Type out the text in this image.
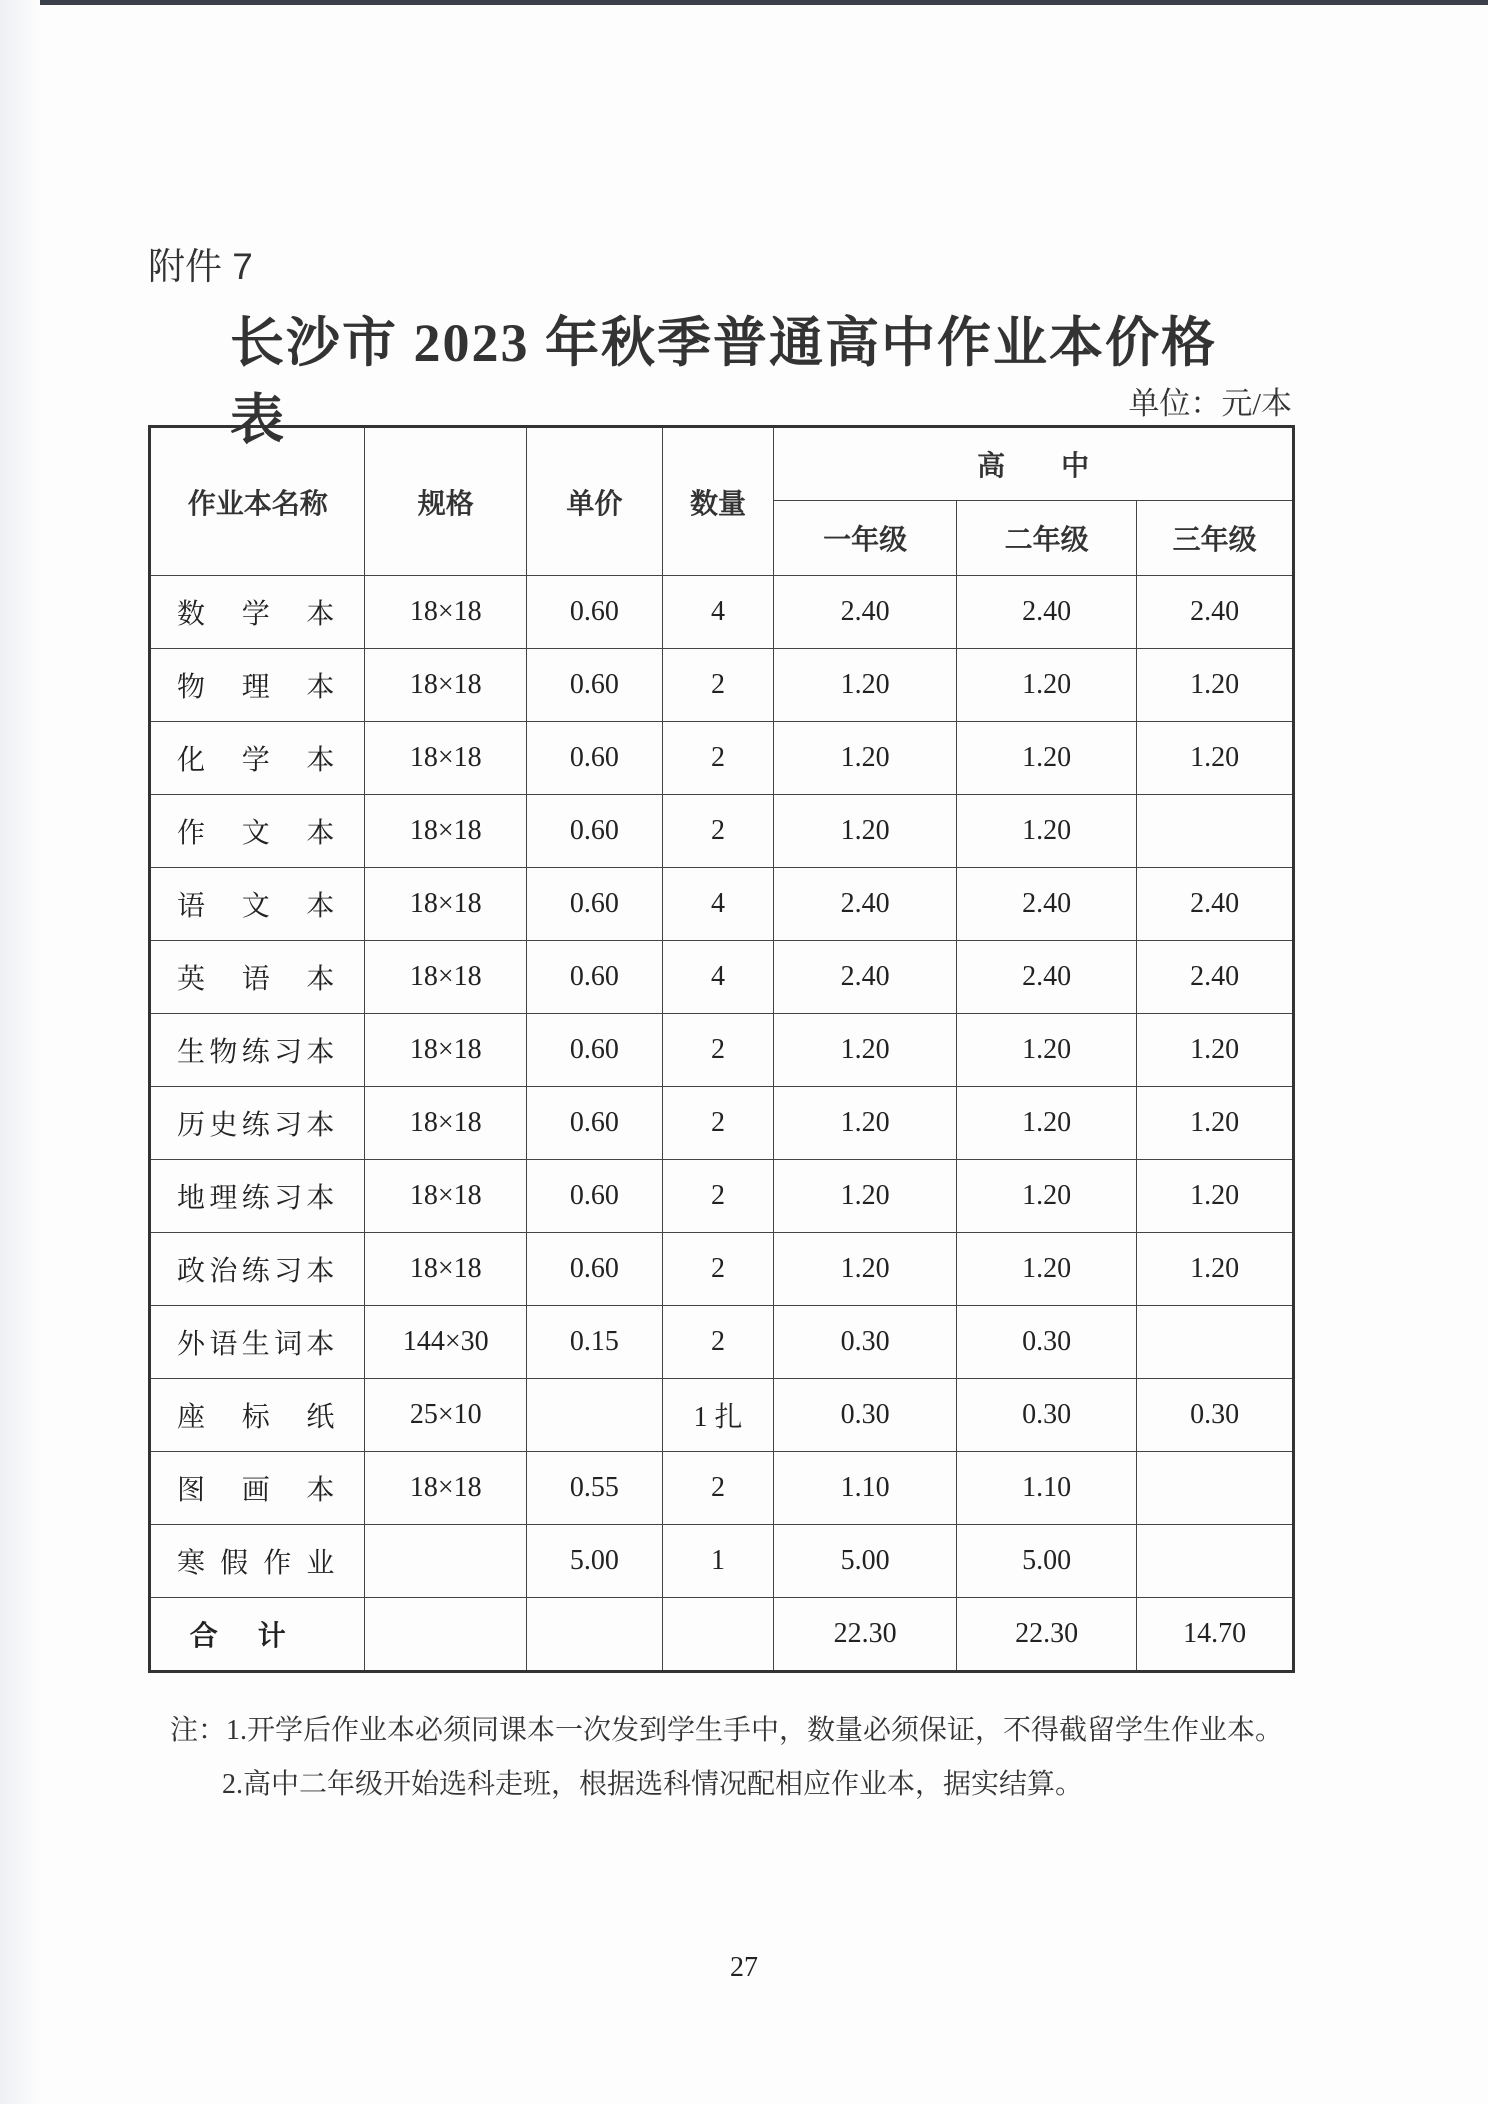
附件 7
长沙市 2023 年秋季普通高中作业本价格表	单位：元/本
作业本名称	规格	单价	数量	高　　中		
				一年级	二年级	三年级
数学本	18×18	0.60	4	2.40	2.40	2.40
物理本	18×18	0.60	2	1.20	1.20	1.20
化学本	18×18	0.60	2	1.20	1.20	1.20
作文本	18×18	0.60	2	1.20	1.20	
语文本	18×18	0.60	4	2.40	2.40	2.40
英语本	18×18	0.60	4	2.40	2.40	2.40
生物练习本	18×18	0.60	2	1.20	1.20	1.20
历史练习本	18×18	0.60	2	1.20	1.20	1.20
地理练习本	18×18	0.60	2	1.20	1.20	1.20
政治练习本	18×18	0.60	2	1.20	1.20	1.20
外语生词本	144×30	0.15	2	0.30	0.30	
座标纸	25×10		1 扎	0.30	0.30	0.30
图画本	18×18	0.55	2	1.10	1.10	
寒假作业		5.00	1	5.00	5.00	
合计				22.30	22.30	14.70
注：1.开学后作业本必须同课本一次发到学生手中，数量必须保证，不得截留学生作业本。
2.高中二年级开始选科走班，根据选科情况配相应作业本，据实结算。
27
